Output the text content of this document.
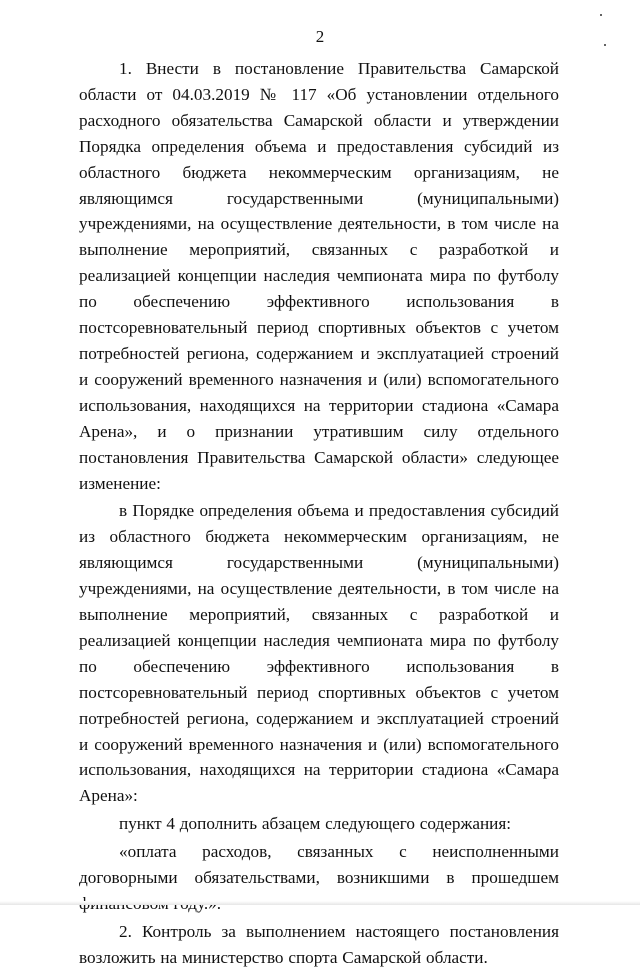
2

1. Внести в постановление Правительства Самарской области от 04.03.2019 № 117 «Об установлении отдельного расходного обязательства Самарской области и утверждении Порядка определения объема и предоставления субсидий из областного бюджета некоммерческим организациям, не являющимся государственными (муниципальными) учреждениями, на осуществление деятельности, в том числе на выполнение мероприятий, связанных с разработкой и реализацией концепции наследия чемпионата мира по футболу по обеспечению эффективного использования в постсоревновательный период спортивных объектов с учетом потребностей региона, содержанием и эксплуатацией строений и сооружений временного назначения и (или) вспомогательного использования, находящихся на территории стадиона «Самара Арена», и о признании утратившим силу отдельного постановления Правительства Самарской области» следующее изменение:

в Порядке определения объема и предоставления субсидий из областного бюджета некоммерческим организациям, не являющимся государственными (муниципальными) учреждениями, на осуществление деятельности, в том числе на выполнение мероприятий, связанных с разработкой и реализацией концепции наследия чемпионата мира по футболу по обеспечению эффективного использования в постсоревновательный период спортивных объектов с учетом потребностей региона, содержанием и эксплуатацией строений и сооружений временного назначения и (или) вспомогательного использования, находящихся на территории стадиона «Самара Арена»:

пункт 4 дополнить абзацем следующего содержания:

«оплата расходов, связанных с неисполненными договорными обязательствами, возникшими в прошедшем

2. Контроль за выполнением настоящего постановления возложить на министерство спорта Самарской области.
